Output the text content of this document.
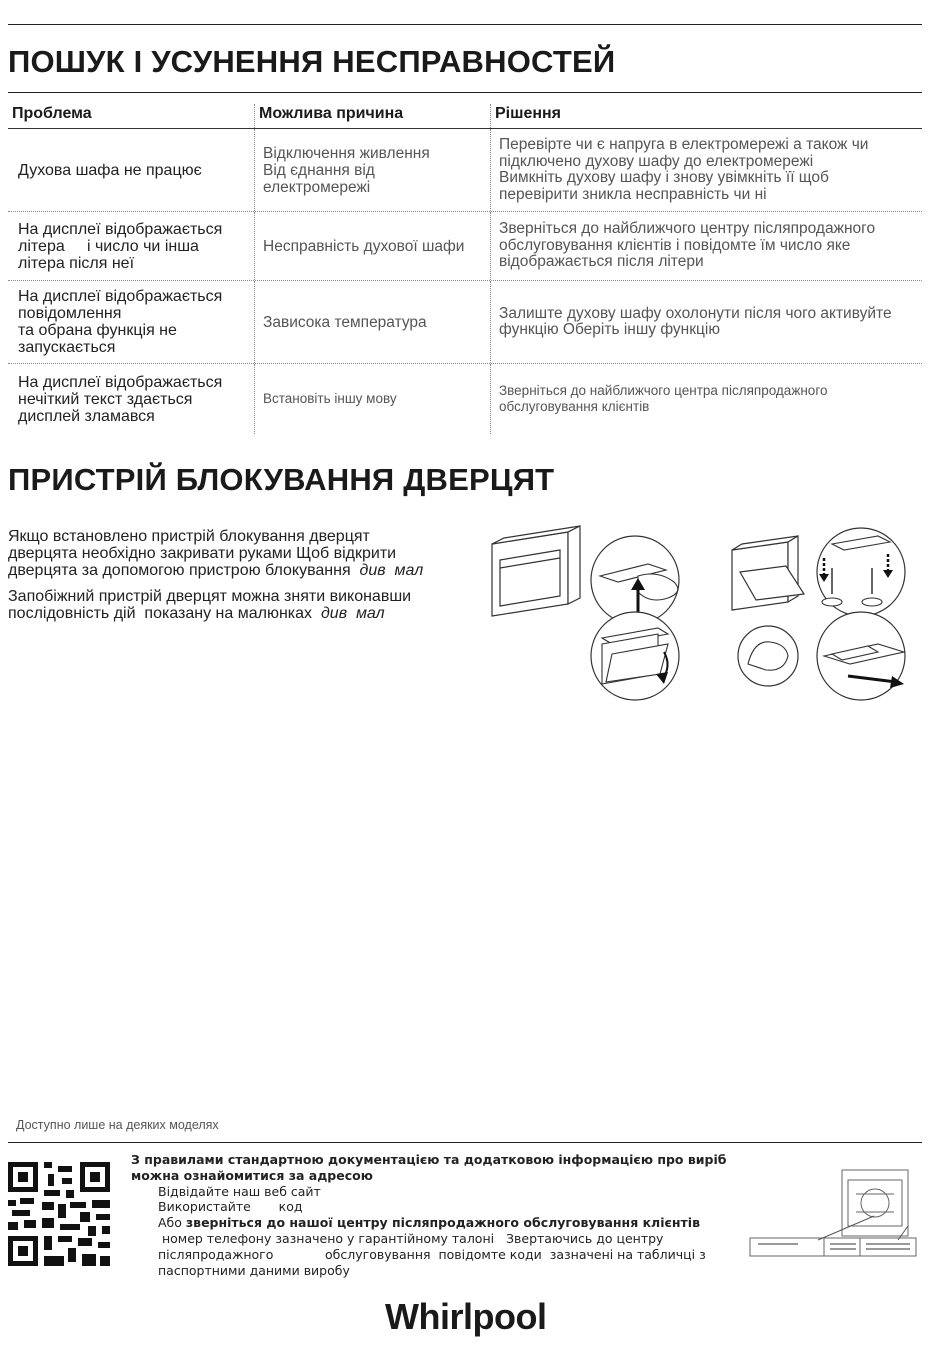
ПОШУК І УСУНЕННЯ НЕСПРАВНОСТЕЙ
Проблема	Можлива причина	Рішення
Духова шафа не працює
Відключення живлення
Від єднання від
електромережі
Перевірте чи є напруга в електромережі а також чи
підключено духову шафу до електромережі
Вимкніть духову шафу і знову увімкніть її щоб
перевірити зникла несправність чи ні
На дисплеї відображається
літера     і число чи інша
літера після неї
Несправність духової шафи
Зверніться до найближчого центру післяпродажного
обслуговування клієнтів і повідомте їм число яке
відображається після літери
На дисплеї відображається
повідомлення
та обрана функція не
запускається
Зависока температура
Залиште духову шафу охолонути після чого активуйте
функцію Оберіть іншу функцію
На дисплеї відображається
нечіткий текст здається
дисплей зламався
Встановіть іншу мову
Зверніться до найближчого центра післяпродажного
обслуговування клієнтів
ПРИСТРІЙ БЛОКУВАННЯ ДВЕРЦЯТ
Якщо встановлено пристрій блокування дверцят
дверцята необхідно закривати руками Щоб відкрити
дверцята за допомогою пристрою блокування  див  мал
Запобіжний пристрій дверцят можна зняти виконавши
послідовність дій  показану на малюнках  див  мал
Доступно лише на деяких моделях
З правилами стандартною документацією та додатковою інформацією про виріб
можна ознайомитися за адресою
Відвідайте наш веб сайт
Використайте       код
Або зверніться до нашої центру післяпродажного обслуговування клієнтів
номер телефону зазначено у гарантійному талоні   Звертаючись до центру
післяпродажного             обслуговування  повідомте коди  зазначені на табличці з
паспортними даними виробу
Whirlpool
